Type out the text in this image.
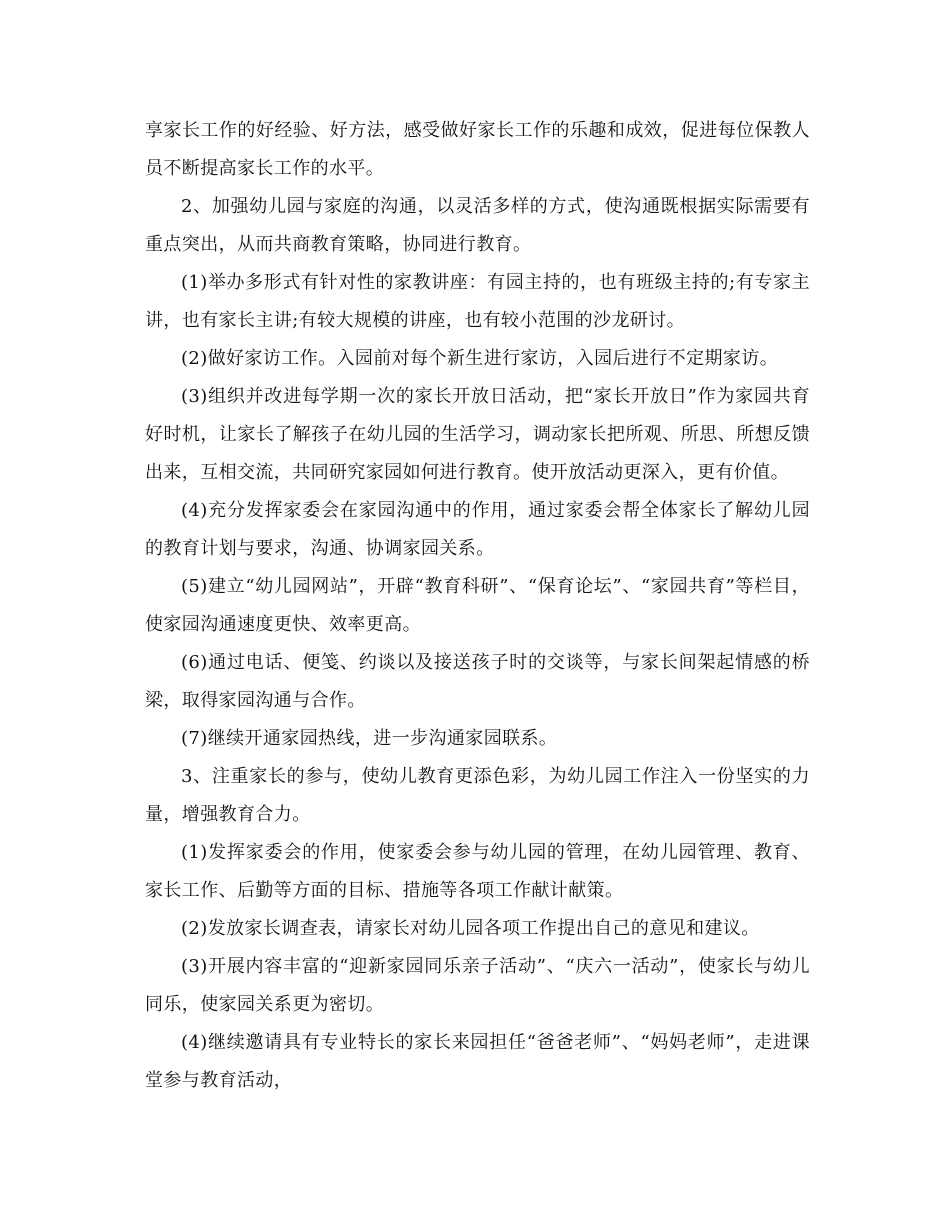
享家长工作的好经验、好方法，感受做好家长工作的乐趣和成效，促进每位保教人员不断提高家长工作的水平。

2、加强幼儿园与家庭的沟通，以灵活多样的方式，使沟通既根据实际需要有重点突出，从而共商教育策略，协同进行教育。

(1)举办多形式有针对性的家教讲座：有园主持的，也有班级主持的;有专家主讲，也有家长主讲;有较大规模的讲座，也有较小范围的沙龙研讨。

(2)做好家访工作。入园前对每个新生进行家访，入园后进行不定期家访。

(3)组织并改进每学期一次的家长开放日活动，把“家长开放日”作为家园共育好时机，让家长了解孩子在幼儿园的生活学习，调动家长把所观、所思、所想反馈出来，互相交流，共同研究家园如何进行教育。使开放活动更深入，更有价值。

(4)充分发挥家委会在家园沟通中的作用，通过家委会帮全体家长了解幼儿园的教育计划与要求，沟通、协调家园关系。

(5)建立“幼儿园网站”，开辟“教育科研”、“保育论坛”、“家园共育”等栏目，使家园沟通速度更快、效率更高。

(6)通过电话、便笺、约谈以及接送孩子时的交谈等，与家长间架起情感的桥梁，取得家园沟通与合作。

(7)继续开通家园热线，进一步沟通家园联系。

3、注重家长的参与，使幼儿教育更添色彩，为幼儿园工作注入一份坚实的力量，增强教育合力。

(1)发挥家委会的作用，使家委会参与幼儿园的管理，在幼儿园管理、教育、家长工作、后勤等方面的目标、措施等各项工作献计献策。

(2)发放家长调查表，请家长对幼儿园各项工作提出自己的意见和建议。

(3)开展内容丰富的“迎新家园同乐亲子活动”、“庆六一活动”，使家长与幼儿同乐，使家园关系更为密切。

(4)继续邀请具有专业特长的家长来园担任“爸爸老师”、“妈妈老师”，走进课堂参与教育活动，
